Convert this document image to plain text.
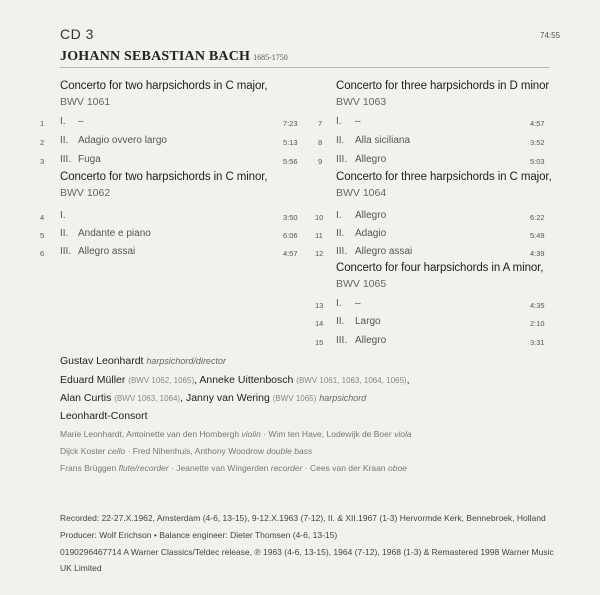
CD 3	74:55
JOHANN SEBASTIAN BACH 1685-1750
Concerto for two harpsichords in C major,
BWV 1061
1 I. –	7:23
2 II. Adagio ovvero largo	5:13
3 III. Fuga	5:56
Concerto for two harpsichords in C minor,
BWV 1062
4 I.	3:50
5 II. Andante e piano	6:06
6 III. Allegro assai	4:57
Concerto for three harpsichords in D minor
BWV 1063
7 I. –	4:57
8 II. Alla siciliana	3:52
9 III. Allegro	5:03
Concerto for three harpsichords in C major,
BWV 1064
10 I. Allegro	6:22
11 II. Adagio	5:49
12 III. Allegro assai	4:39
Concerto for four harpsichords in A minor,
BWV 1065
13 I. –	4:35
14 II. Largo	2:10
15 III. Allegro	3:31
Gustav Leonhardt harpsichord/director
Eduard Müller (BWV 1062, 1065), Anneke Uittenbosch (BWV 1061, 1063, 1064, 1065),
Alan Curtis (BWV 1063, 1064), Janny van Wering (BWV 1065) harpsichord
Leonhardt-Consort
Marie Leonhardt, Antoinette van den Hombergh violin · Wim ten Have, Lodewijk de Boer viola
Dijck Koster cello · Fred Nihenhuis, Anthony Woodrow double bass
Frans Brüggen flute/recorder · Jeanette van Wingerden recorder · Cees van der Kraan oboe
Recorded: 22-27.X.1962, Amsterdam (4-6, 13-15), 9-12.X.1963 (7-12), II. & XII.1967 (1-3) Hervormde Kerk, Bennebroek, Holland
Producer: Wolf Erichson • Balance engineer: Dieter Thomsen (4-6, 13-15)
0190296467714 A Warner Classics/Teldec release, ℗ 1963 (4-6, 13-15), 1964 (7-12), 1968 (1-3) & Remastered 1998 Warner Music
UK Limited
